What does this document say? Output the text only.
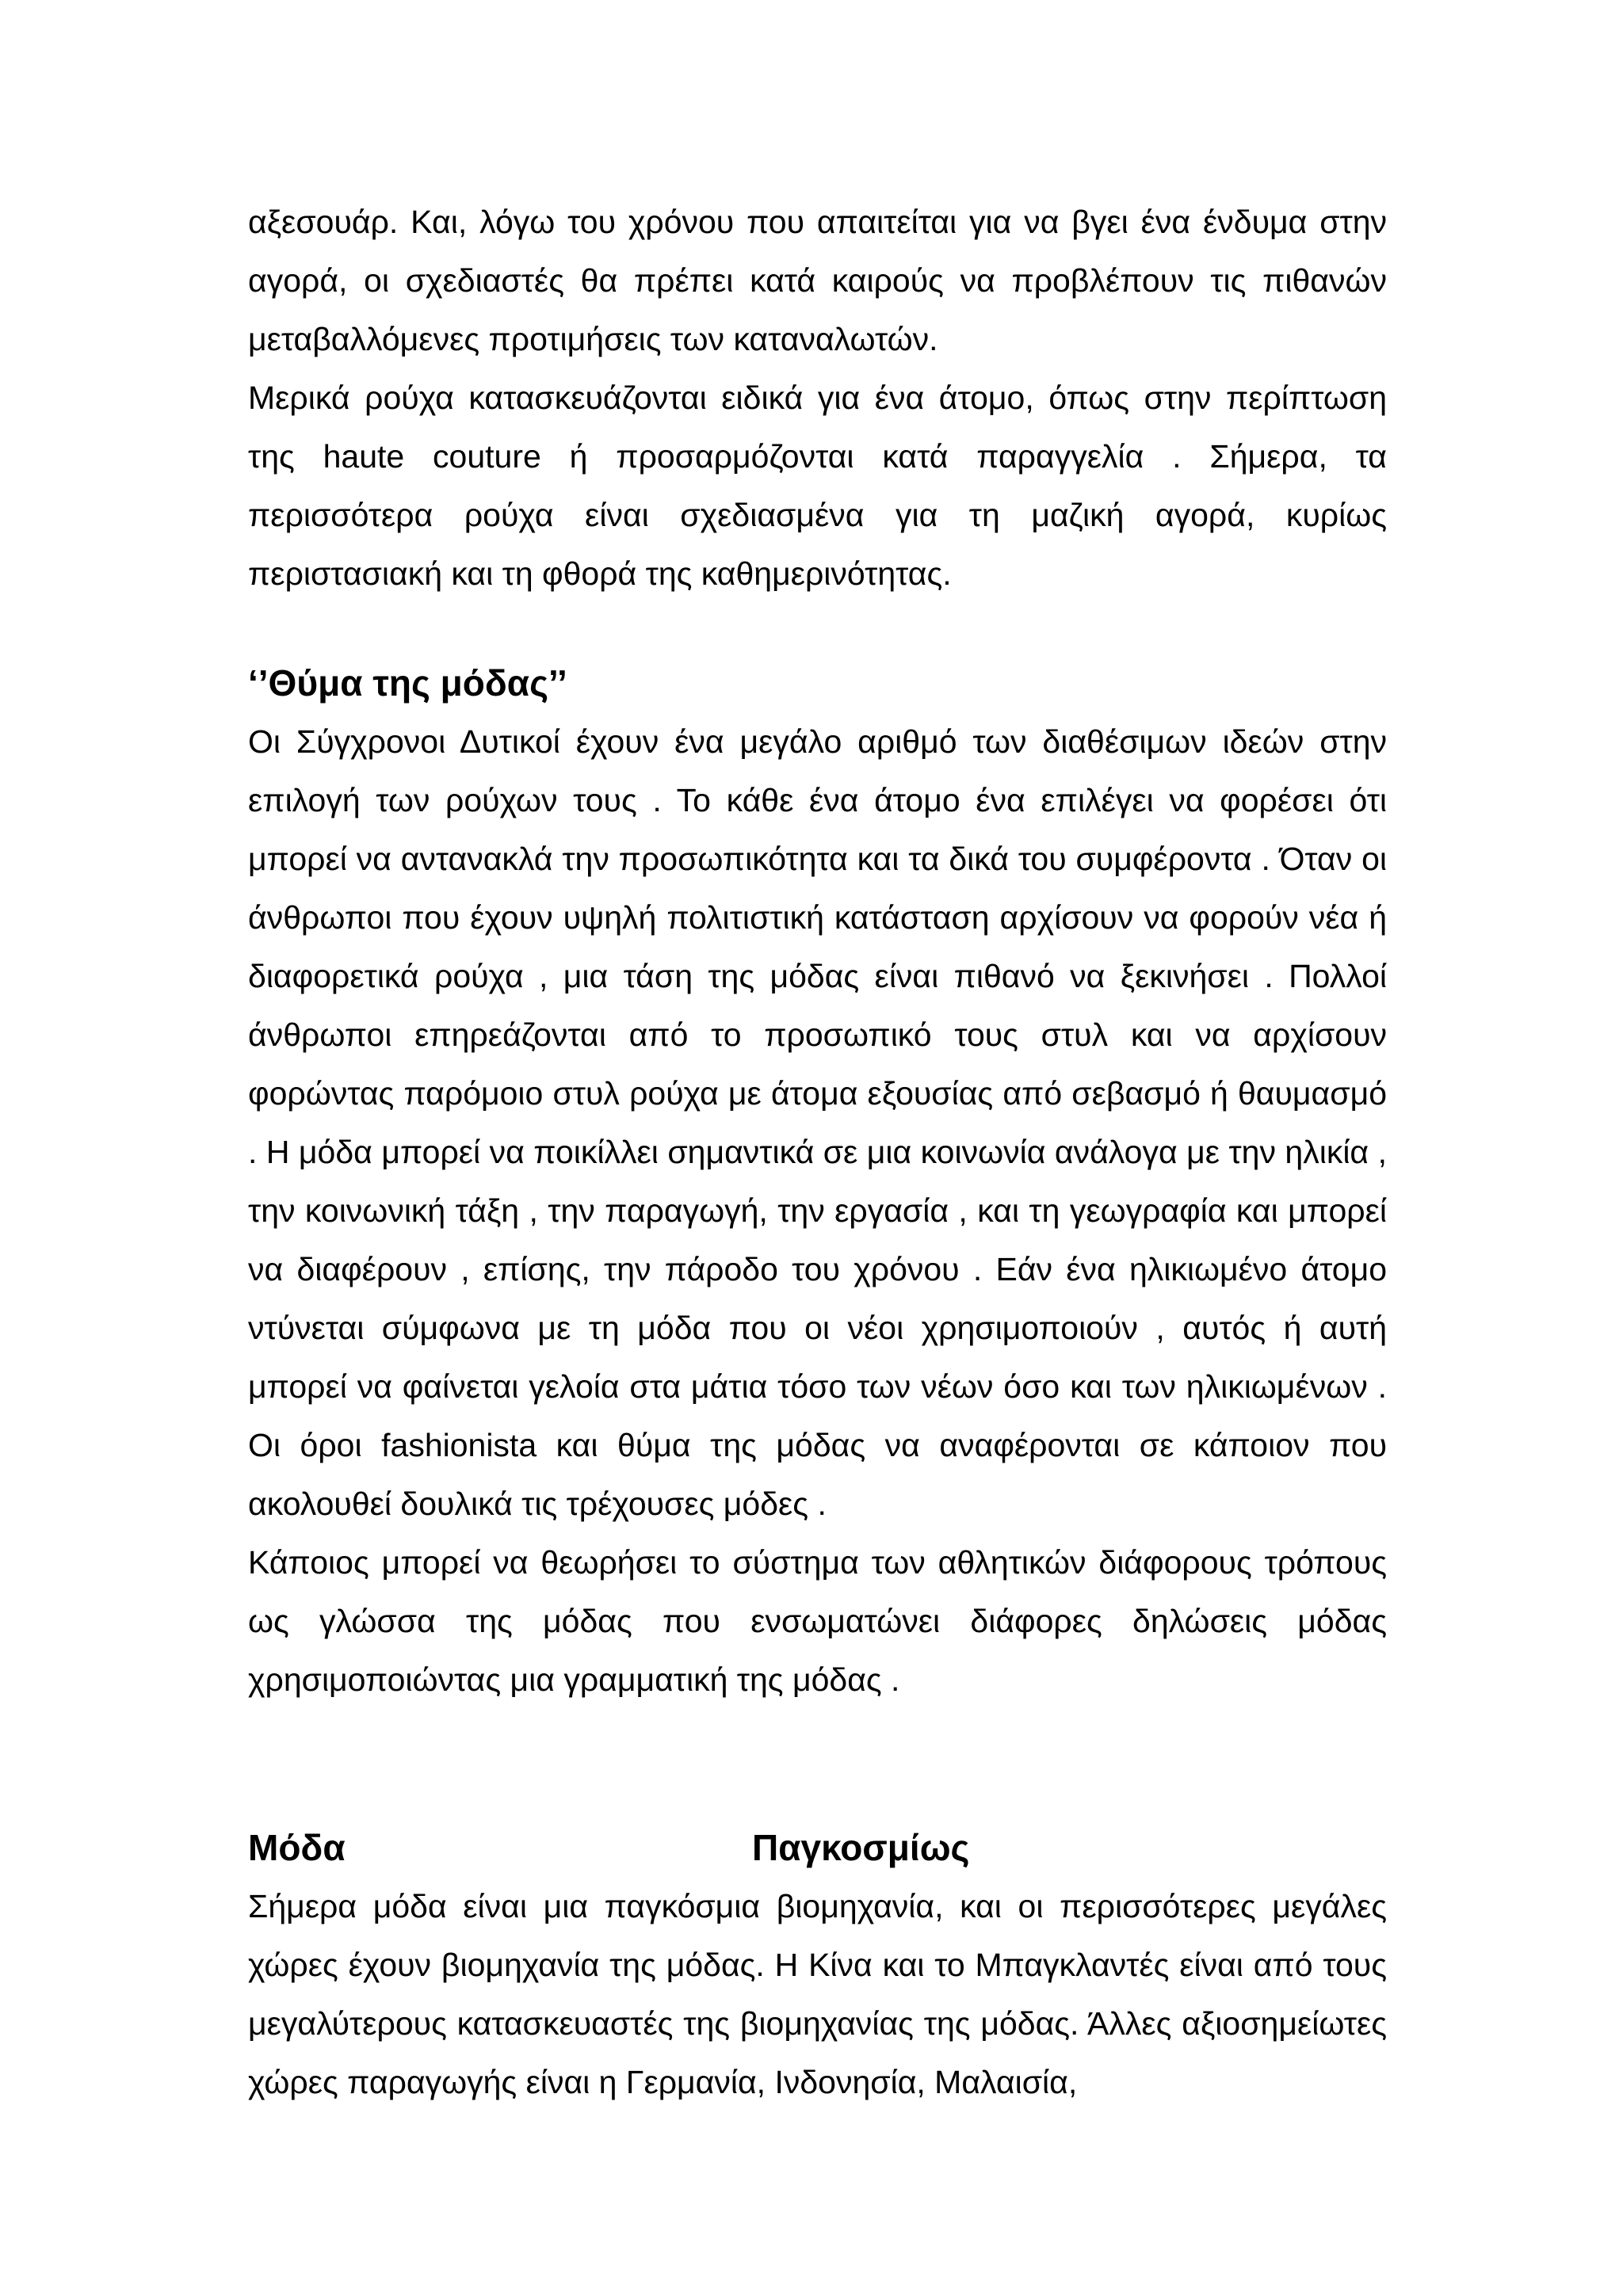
αξεσουάρ. Και, λόγω του χρόνου που απαιτείται για να βγει ένα ένδυμα στην αγορά, οι σχεδιαστές θα πρέπει κατά καιρούς να προβλέπουν τις πιθανών μεταβαλλόμενες προτιμήσεις των καταναλωτών.

Μερικά ρούχα κατασκευάζονται ειδικά για ένα άτομο, όπως στην περίπτωση της haute couture ή προσαρμόζονται κατά παραγγελία . Σήμερα, τα περισσότερα ρούχα είναι σχεδιασμένα για τη μαζική αγορά, κυρίως περιστασιακή και τη φθορά της καθημερινότητας.

‘’Θύμα της μόδας’’

Οι Σύγχρονοι Δυτικοί έχουν ένα μεγάλο αριθμό των διαθέσιμων ιδεών στην επιλογή των ρούχων τους . Το κάθε ένα άτομο ένα επιλέγει να φορέσει ότι μπορεί να αντανακλά την προσωπικότητα και τα δικά του συμφέροντα . Όταν οι άνθρωποι που έχουν υψηλή πολιτιστική κατάσταση αρχίσουν να φορούν νέα ή διαφορετικά ρούχα , μια τάση της μόδας είναι πιθανό να ξεκινήσει . Πολλοί άνθρωποι επηρεάζονται από το προσωπικό τους στυλ και να αρχίσουν φορώντας παρόμοιο στυλ ρούχα με άτομα εξουσίας από σεβασμό ή θαυμασμό . Η μόδα μπορεί να ποικίλλει σημαντικά σε μια κοινωνία ανάλογα με την ηλικία , την κοινωνική τάξη , την παραγωγή, την εργασία , και τη γεωγραφία και μπορεί να διαφέρουν , επίσης, την πάροδο του χρόνου . Εάν ένα ηλικιωμένο άτομο ντύνεται σύμφωνα με τη μόδα που οι νέοι χρησιμοποιούν , αυτός ή αυτή μπορεί να φαίνεται γελοία στα μάτια τόσο των νέων όσο και των ηλικιωμένων . Οι όροι fashionista και θύμα της μόδας να αναφέρονται σε κάποιον που ακολουθεί δουλικά τις τρέχουσες μόδες .

Κάποιος μπορεί να θεωρήσει το σύστημα των αθλητικών διάφορους τρόπους ως γλώσσα της μόδας που ενσωματώνει διάφορες δηλώσεις μόδας χρησιμοποιώντας μια γραμματική της μόδας .

Μόδα	Παγκοσμίως

Σήμερα μόδα είναι μια παγκόσμια βιομηχανία, και οι περισσότερες μεγάλες χώρες έχουν βιομηχανία της μόδας. Η Κίνα και το Μπαγκλαντές είναι από τους μεγαλύτερους κατασκευαστές της βιομηχανίας της μόδας. Άλλες αξιοσημείωτες χώρες παραγωγής είναι η Γερμανία, Ινδονησία, Μαλαισία,
